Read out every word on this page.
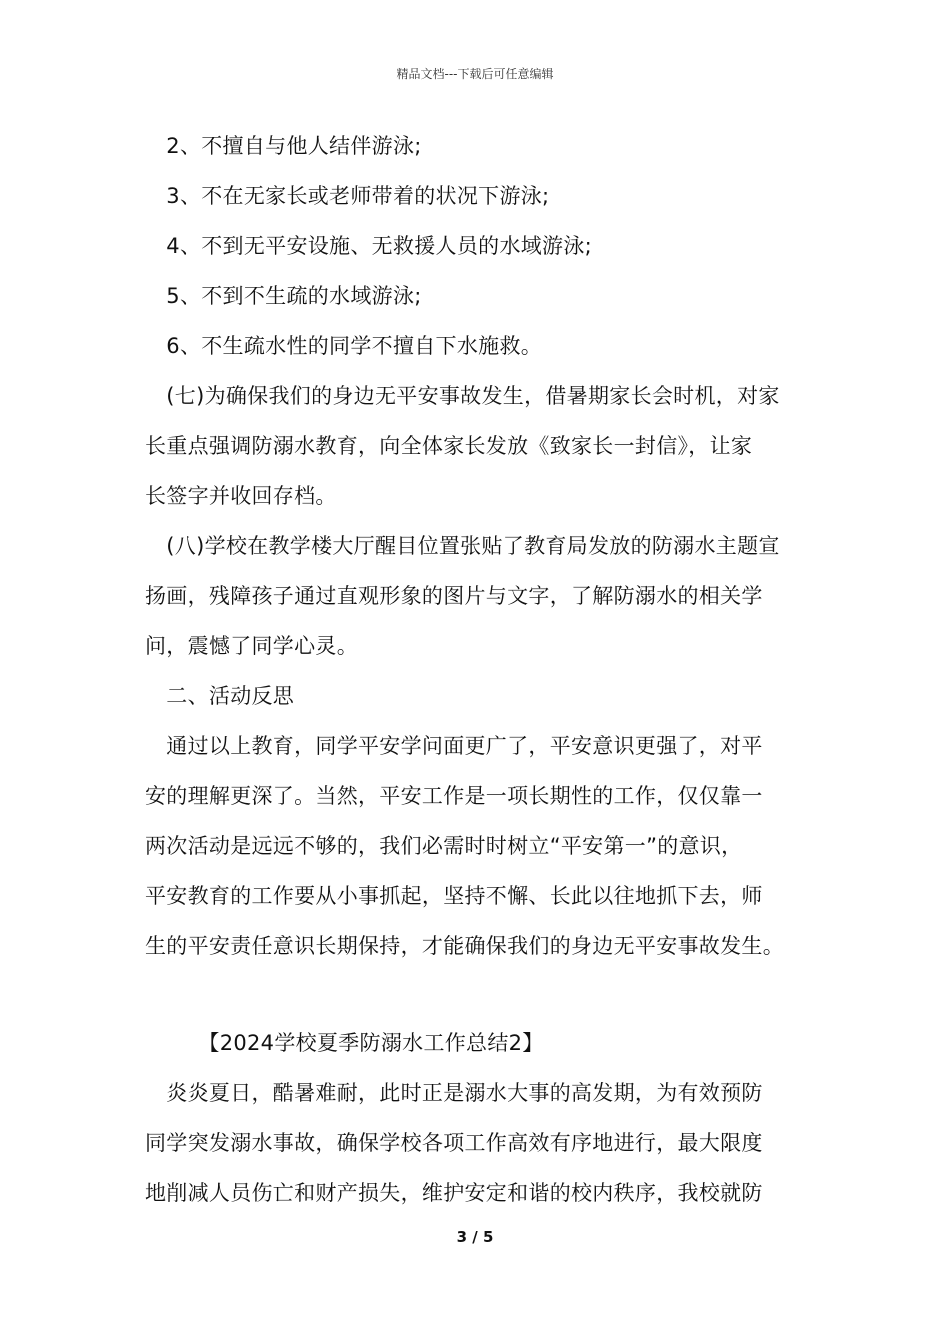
精品文档---下载后可任意编辑
　2、不擅自与他人结伴游泳;
　3、不在无家长或老师带着的状况下游泳;
　4、不到无平安设施、无救援人员的水域游泳;
　5、不到不生疏的水域游泳;
　6、不生疏水性的同学不擅自下水施救。
　(七)为确保我们的身边无平安事故发生，借暑期家长会时机，对家
长重点强调防溺水教育，向全体家长发放《致家长一封信》，让家
长签字并收回存档。
　(八)学校在教学楼大厅醒目位置张贴了教育局发放的防溺水主题宣
扬画，残障孩子通过直观形象的图片与文字，了解防溺水的相关学
问，震憾了同学心灵。
　二、活动反思
　通过以上教育，同学平安学问面更广了，平安意识更强了，对平
安的理解更深了。当然，平安工作是一项长期性的工作，仅仅靠一
两次活动是远远不够的，我们必需时时树立“平安第一”的意识，
平安教育的工作要从小事抓起，坚持不懈、长此以往地抓下去，师
生的平安责任意识长期保持，才能确保我们的身边无平安事故发生。
　　　【2024学校夏季防溺水工作总结2】
　炎炎夏日，酷暑难耐，此时正是溺水大事的高发期，为有效预防
同学突发溺水事故，确保学校各项工作高效有序地进行，最大限度
地削减人员伤亡和财产损失，维护安定和谐的校内秩序，我校就防
3 / 5
